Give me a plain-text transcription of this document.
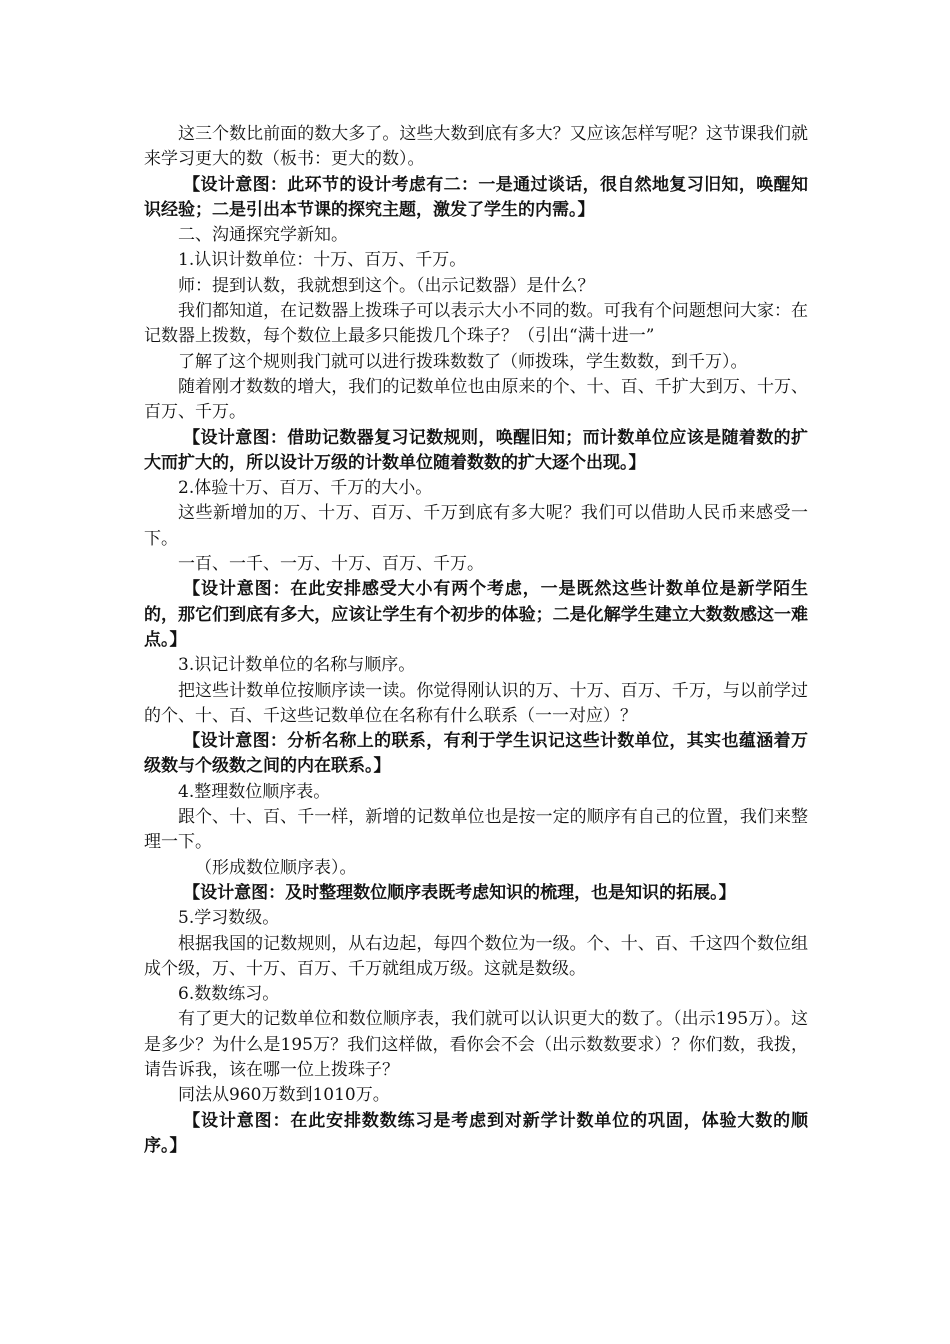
这三个数比前面的数大多了。这些大数到底有多大？又应该怎样写呢？这节课我们就来学习更大的数（板书：更大的数）。

【设计意图：此环节的设计考虑有二：一是通过谈话，很自然地复习旧知，唤醒知识经验；二是引出本节课的探究主题，激发了学生的内需。】

二、沟通探究学新知。

1.认识计数单位：十万、百万、千万。

师：提到认数，我就想到这个。（出示记数器）是什么？

我们都知道，在记数器上拨珠子可以表示大小不同的数。可我有个问题想问大家：在记数器上拨数，每个数位上最多只能拨几个珠子？（引出“满十进一”

了解了这个规则我门就可以进行拨珠数数了（师拨珠，学生数数，到千万）。

随着刚才数数的增大，我们的记数单位也由原来的个、十、百、千扩大到万、十万、百万、千万。

【设计意图：借助记数器复习记数规则，唤醒旧知；而计数单位应该是随着数的扩大而扩大的，所以设计万级的计数单位随着数数的扩大逐个出现。】

2.体验十万、百万、千万的大小。

这些新增加的万、十万、百万、千万到底有多大呢？我们可以借助人民币来感受一下。

一百、一千、一万、十万、百万、千万。

【设计意图：在此安排感受大小有两个考虑，一是既然这些计数单位是新学陌生的，那它们到底有多大，应该让学生有个初步的体验；二是化解学生建立大数数感这一难点。】

3.识记计数单位的名称与顺序。

把这些计数单位按顺序读一读。你觉得刚认识的万、十万、百万、千万，与以前学过的个、十、百、千这些记数单位在名称有什么联系（一一对应）？

【设计意图：分析名称上的联系，有利于学生识记这些计数单位，其实也蕴涵着万级数与个级数之间的内在联系。】

4.整理数位顺序表。

跟个、十、百、千一样，新增的记数单位也是按一定的顺序有自己的位置，我们来整理一下。

（形成数位顺序表）。

【设计意图：及时整理数位顺序表既考虑知识的梳理，也是知识的拓展。】

5.学习数级。

根据我国的记数规则，从右边起，每四个数位为一级。个、十、百、千这四个数位组成个级，万、十万、百万、千万就组成万级。这就是数级。

6.数数练习。

有了更大的记数单位和数位顺序表，我们就可以认识更大的数了。（出示195万）。这是多少？为什么是195万？我们这样做，看你会不会（出示数数要求）？你们数，我拨，请告诉我，该在哪一位上拨珠子？

同法从960万数到1010万。

【设计意图：在此安排数数练习是考虑到对新学计数单位的巩固，体验大数的顺序。】
